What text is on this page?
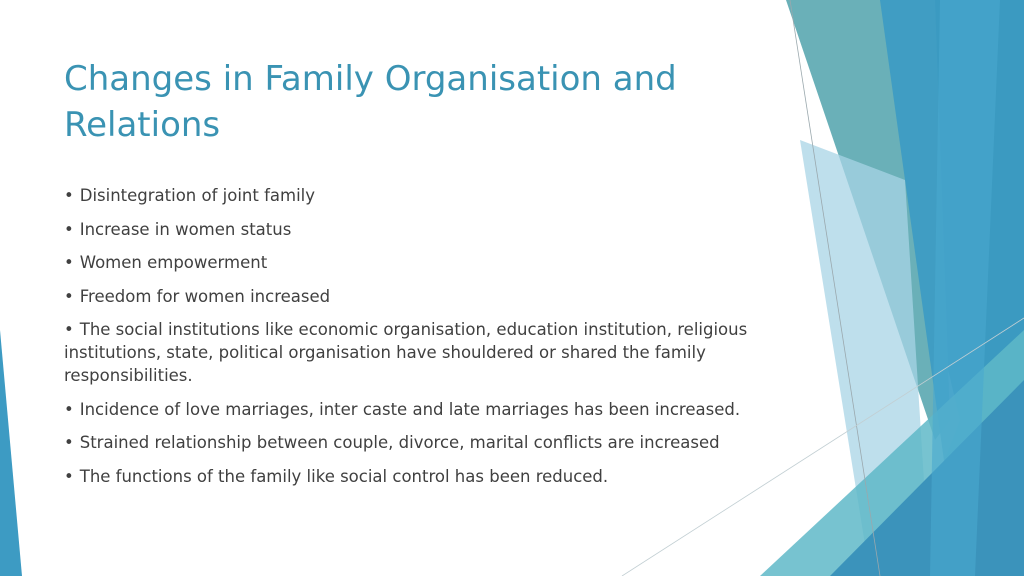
Changes in Family Organisation and Relations
• Disintegration of joint family
• Increase in women status
• Women empowerment
• Freedom for women increased
• The social institutions like economic organisation, education institution, religious institutions, state, political organisation have shouldered or shared the family responsibilities.
• Incidence of love marriages, inter caste and late marriages has been increased.
• Strained relationship between couple, divorce, marital conflicts are increased
• The functions of the family like social control has been reduced.
